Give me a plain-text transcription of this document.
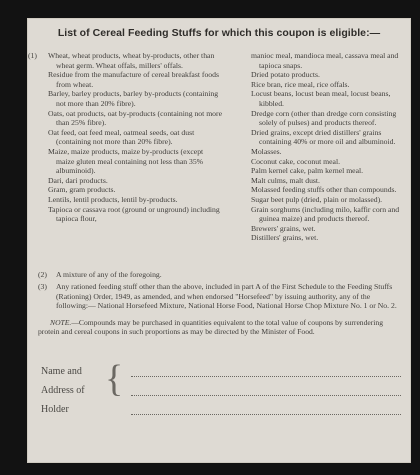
List of Cereal Feeding Stuffs for which this coupon is eligible:—
(1) Wheat, wheat products, wheat by-products, other than wheat germ. Wheat offals, millers' offals.
Residue from the manufacture of cereal breakfast foods from wheat.
Barley, barley products, barley by-products (containing not more than 20% fibre).
Oats, oat products, oat by-products (containing not more than 25% fibre).
Oat feed, oat feed meal, oatmeal seeds, oat dust (containing not more than 20% fibre).
Maize, maize products, maize by-products (except maize gluten meal containing not less than 35% albuminoid).
Dari, dari products.
Gram, gram products.
Lentils, lentil products, lentil by-products.
Tapioca or cassava root (ground or unground) including tapioca flour,
manioc meal, mandioca meal, cassava meal and tapioca snaps.
Dried potato products.
Rice bran, rice meal, rice offals.
Locust beans, locust bean meal, locust beans, kibbled.
Dredge corn (other than dredge corn consisting solely of pulses) and products thereof.
Dried grains, except dried distillers' grains containing 40% or more oil and albuminoid.
Molasses.
Coconut cake, coconut meal.
Palm kernel cake, palm kernel meal.
Malt culms, malt dust.
Molassed feeding stuffs other than compounds.
Sugar beet pulp (dried, plain or molassed).
Grain sorghums (including milo, kaffir corn and guinea maize) and products thereof.
Brewers' grains, wet.
Distillers' grains, wet.
(2) A mixture of any of the foregoing.
(3) Any rationed feeding stuff other than the above, included in part A of the First Schedule to the Feeding Stuffs (Rationing) Order, 1949, as amended, and when endorsed "Horsefeed" by issuing authority, any of the following:— National Horsefeed Mixture, National Horse Food, National Horse Chop Mixture No. 1 or No. 2.
NOTE.—Compounds may be purchased in quantities equivalent to the total value of coupons by surrendering protein and cereal coupons in such proportions as may be directed by the Minister of Food.
Name and
Address of
Holder
{
